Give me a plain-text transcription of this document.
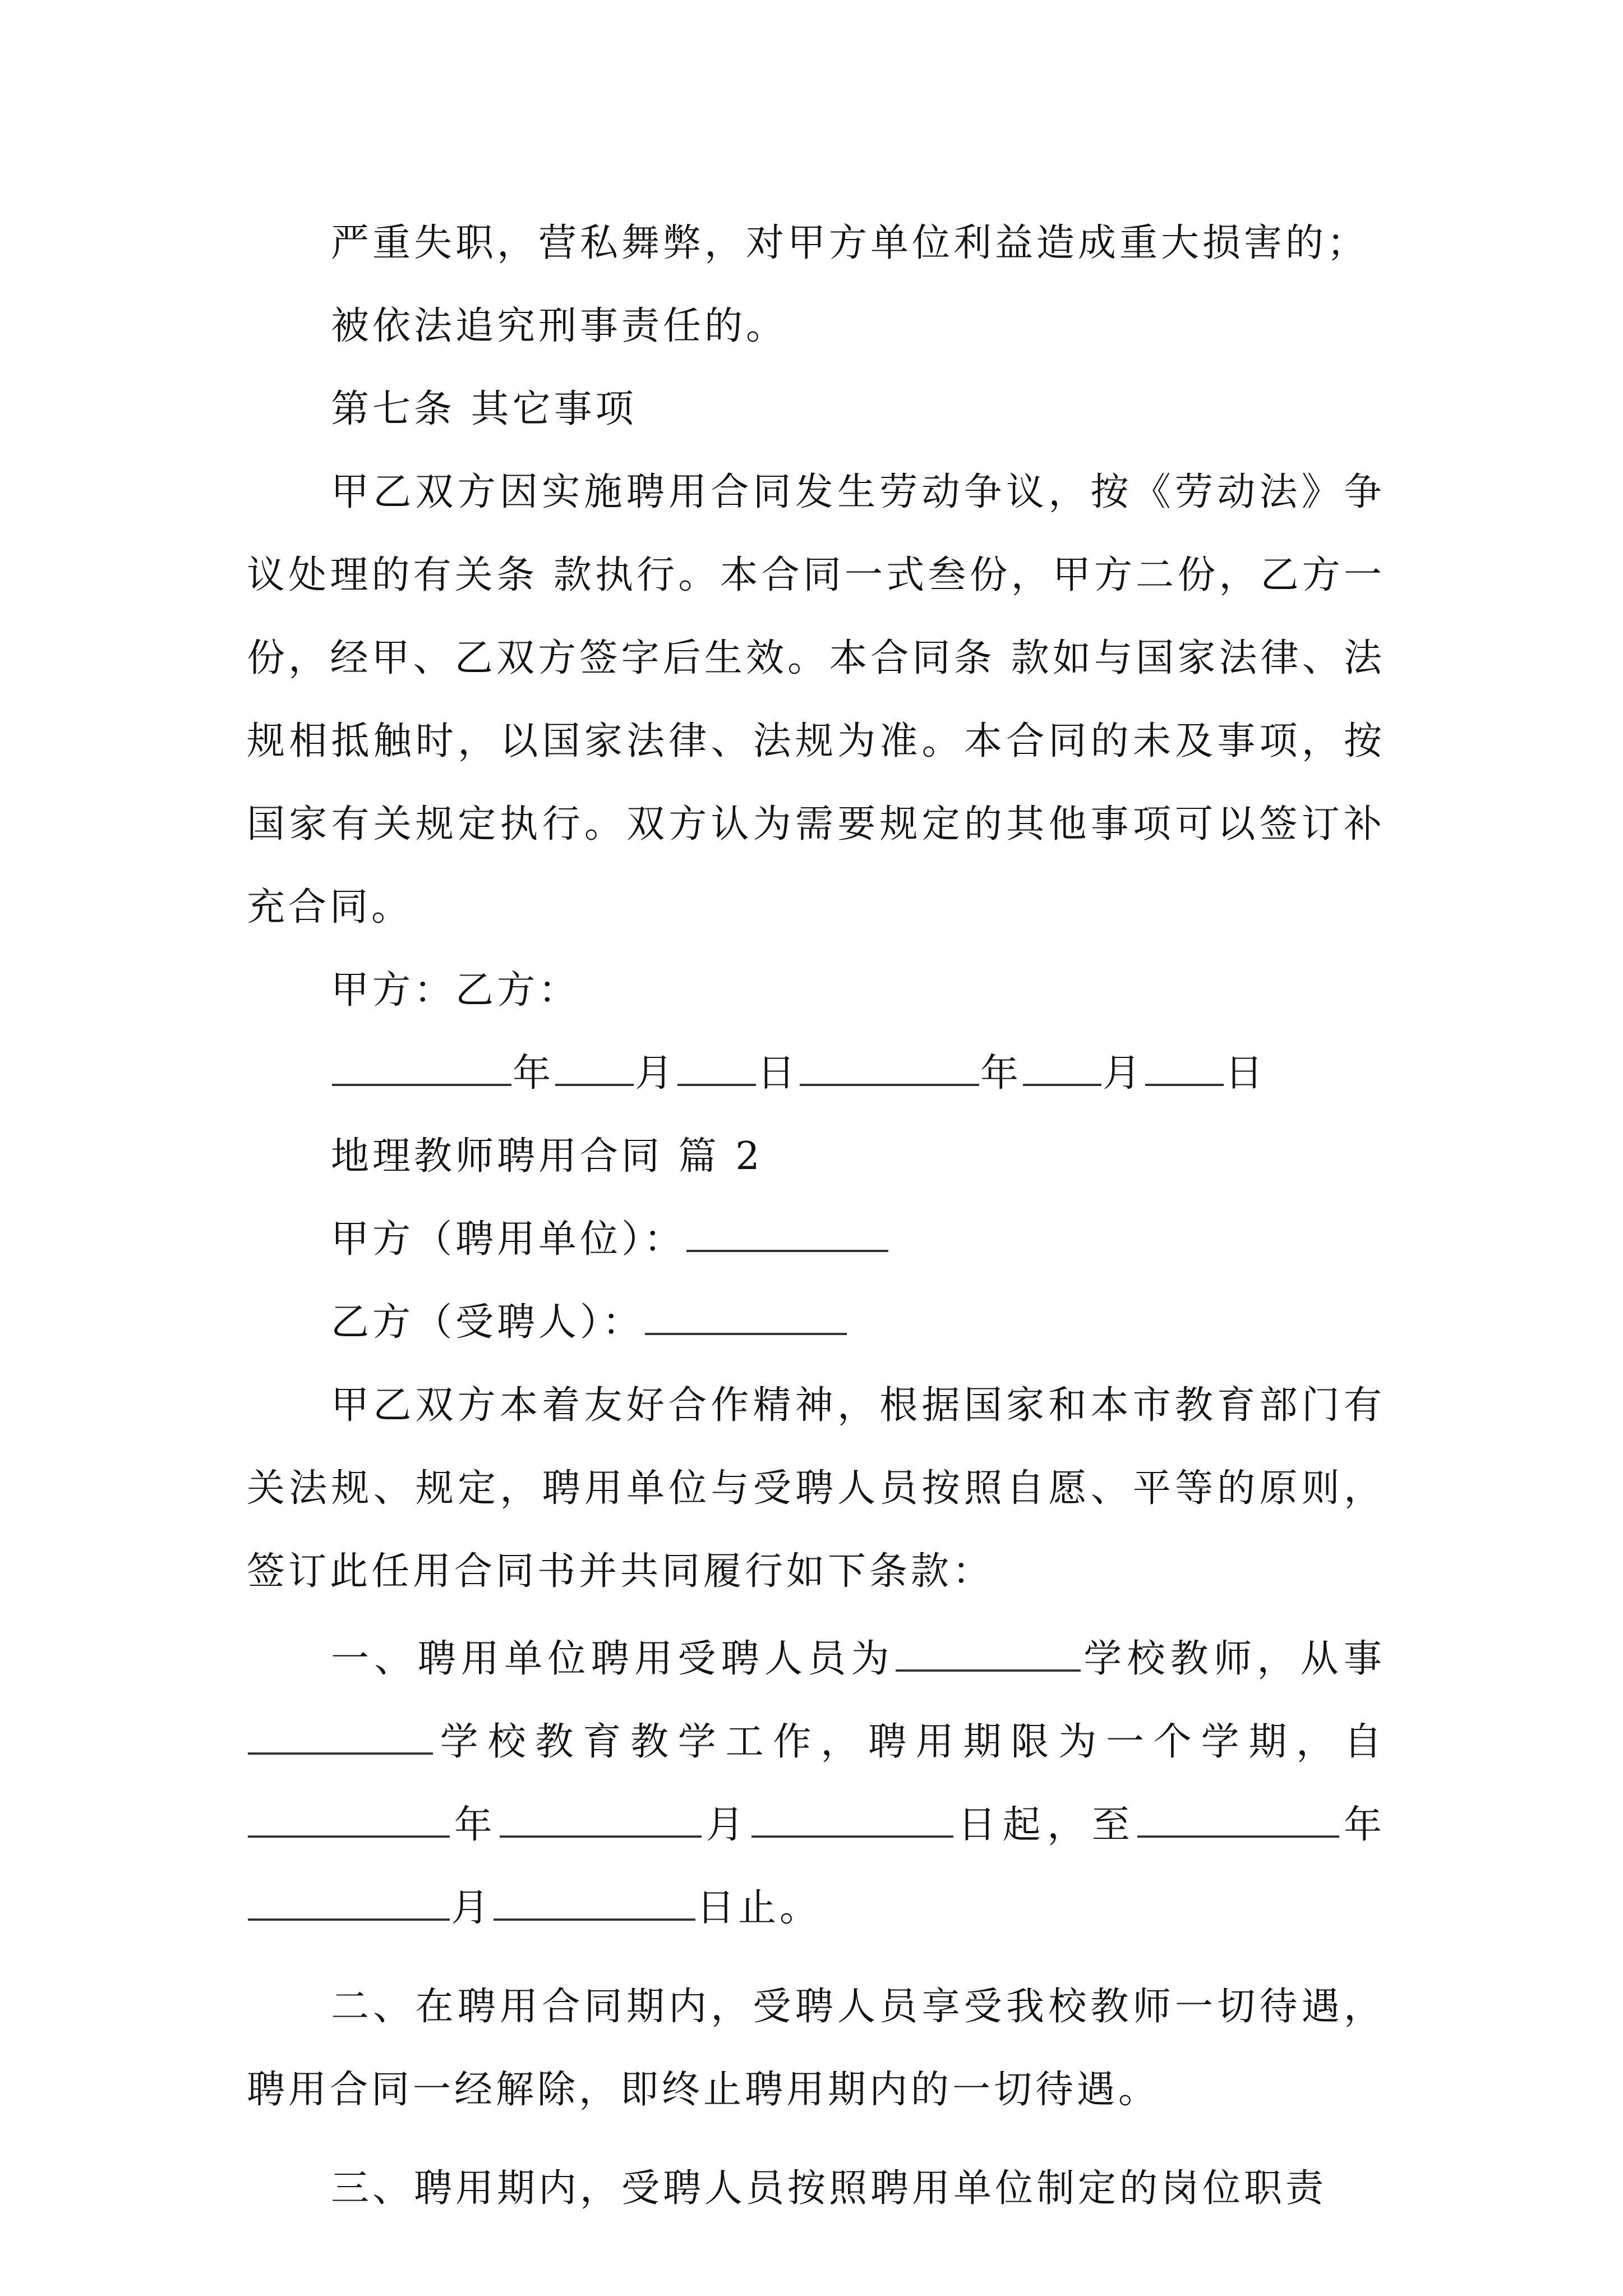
严重失职，营私舞弊，对甲方单位利益造成重大损害的；

被依法追究刑事责任的。

第七条 其它事项

甲乙双方因实施聘用合同发生劳动争议，按《劳动法》争议处理的有关条 款执行。本合同一式叁份，甲方二份，乙方一份，经甲、乙双方签字后生效。本合同条 款如与国家法律、法规相抵触时，以国家法律、法规为准。本合同的未及事项，按国家有关规定执行。双方认为需要规定的其他事项可以签订补充合同。

甲方：乙方：

年 月 日	年 月 日

地理教师聘用合同 篇 2

甲方（聘用单位）：

乙方（受聘人）：

甲乙双方本着友好合作精神，根据国家和本市教育部门有关法规、规定，聘用单位与受聘人员按照自愿、平等的原则，签订此任用合同书并共同履行如下条款：

一、聘用单位聘用受聘人员为	学校教师，从事学校教育教学工作，聘用期限为一个学期，自年	月	日起，至	年月	日止。

二、在聘用合同期内，受聘人员享受我校教师一切待遇，聘用合同一经解除，即终止聘用期内的一切待遇。

三、聘用期内，受聘人员按照聘用单位制定的岗位职责
